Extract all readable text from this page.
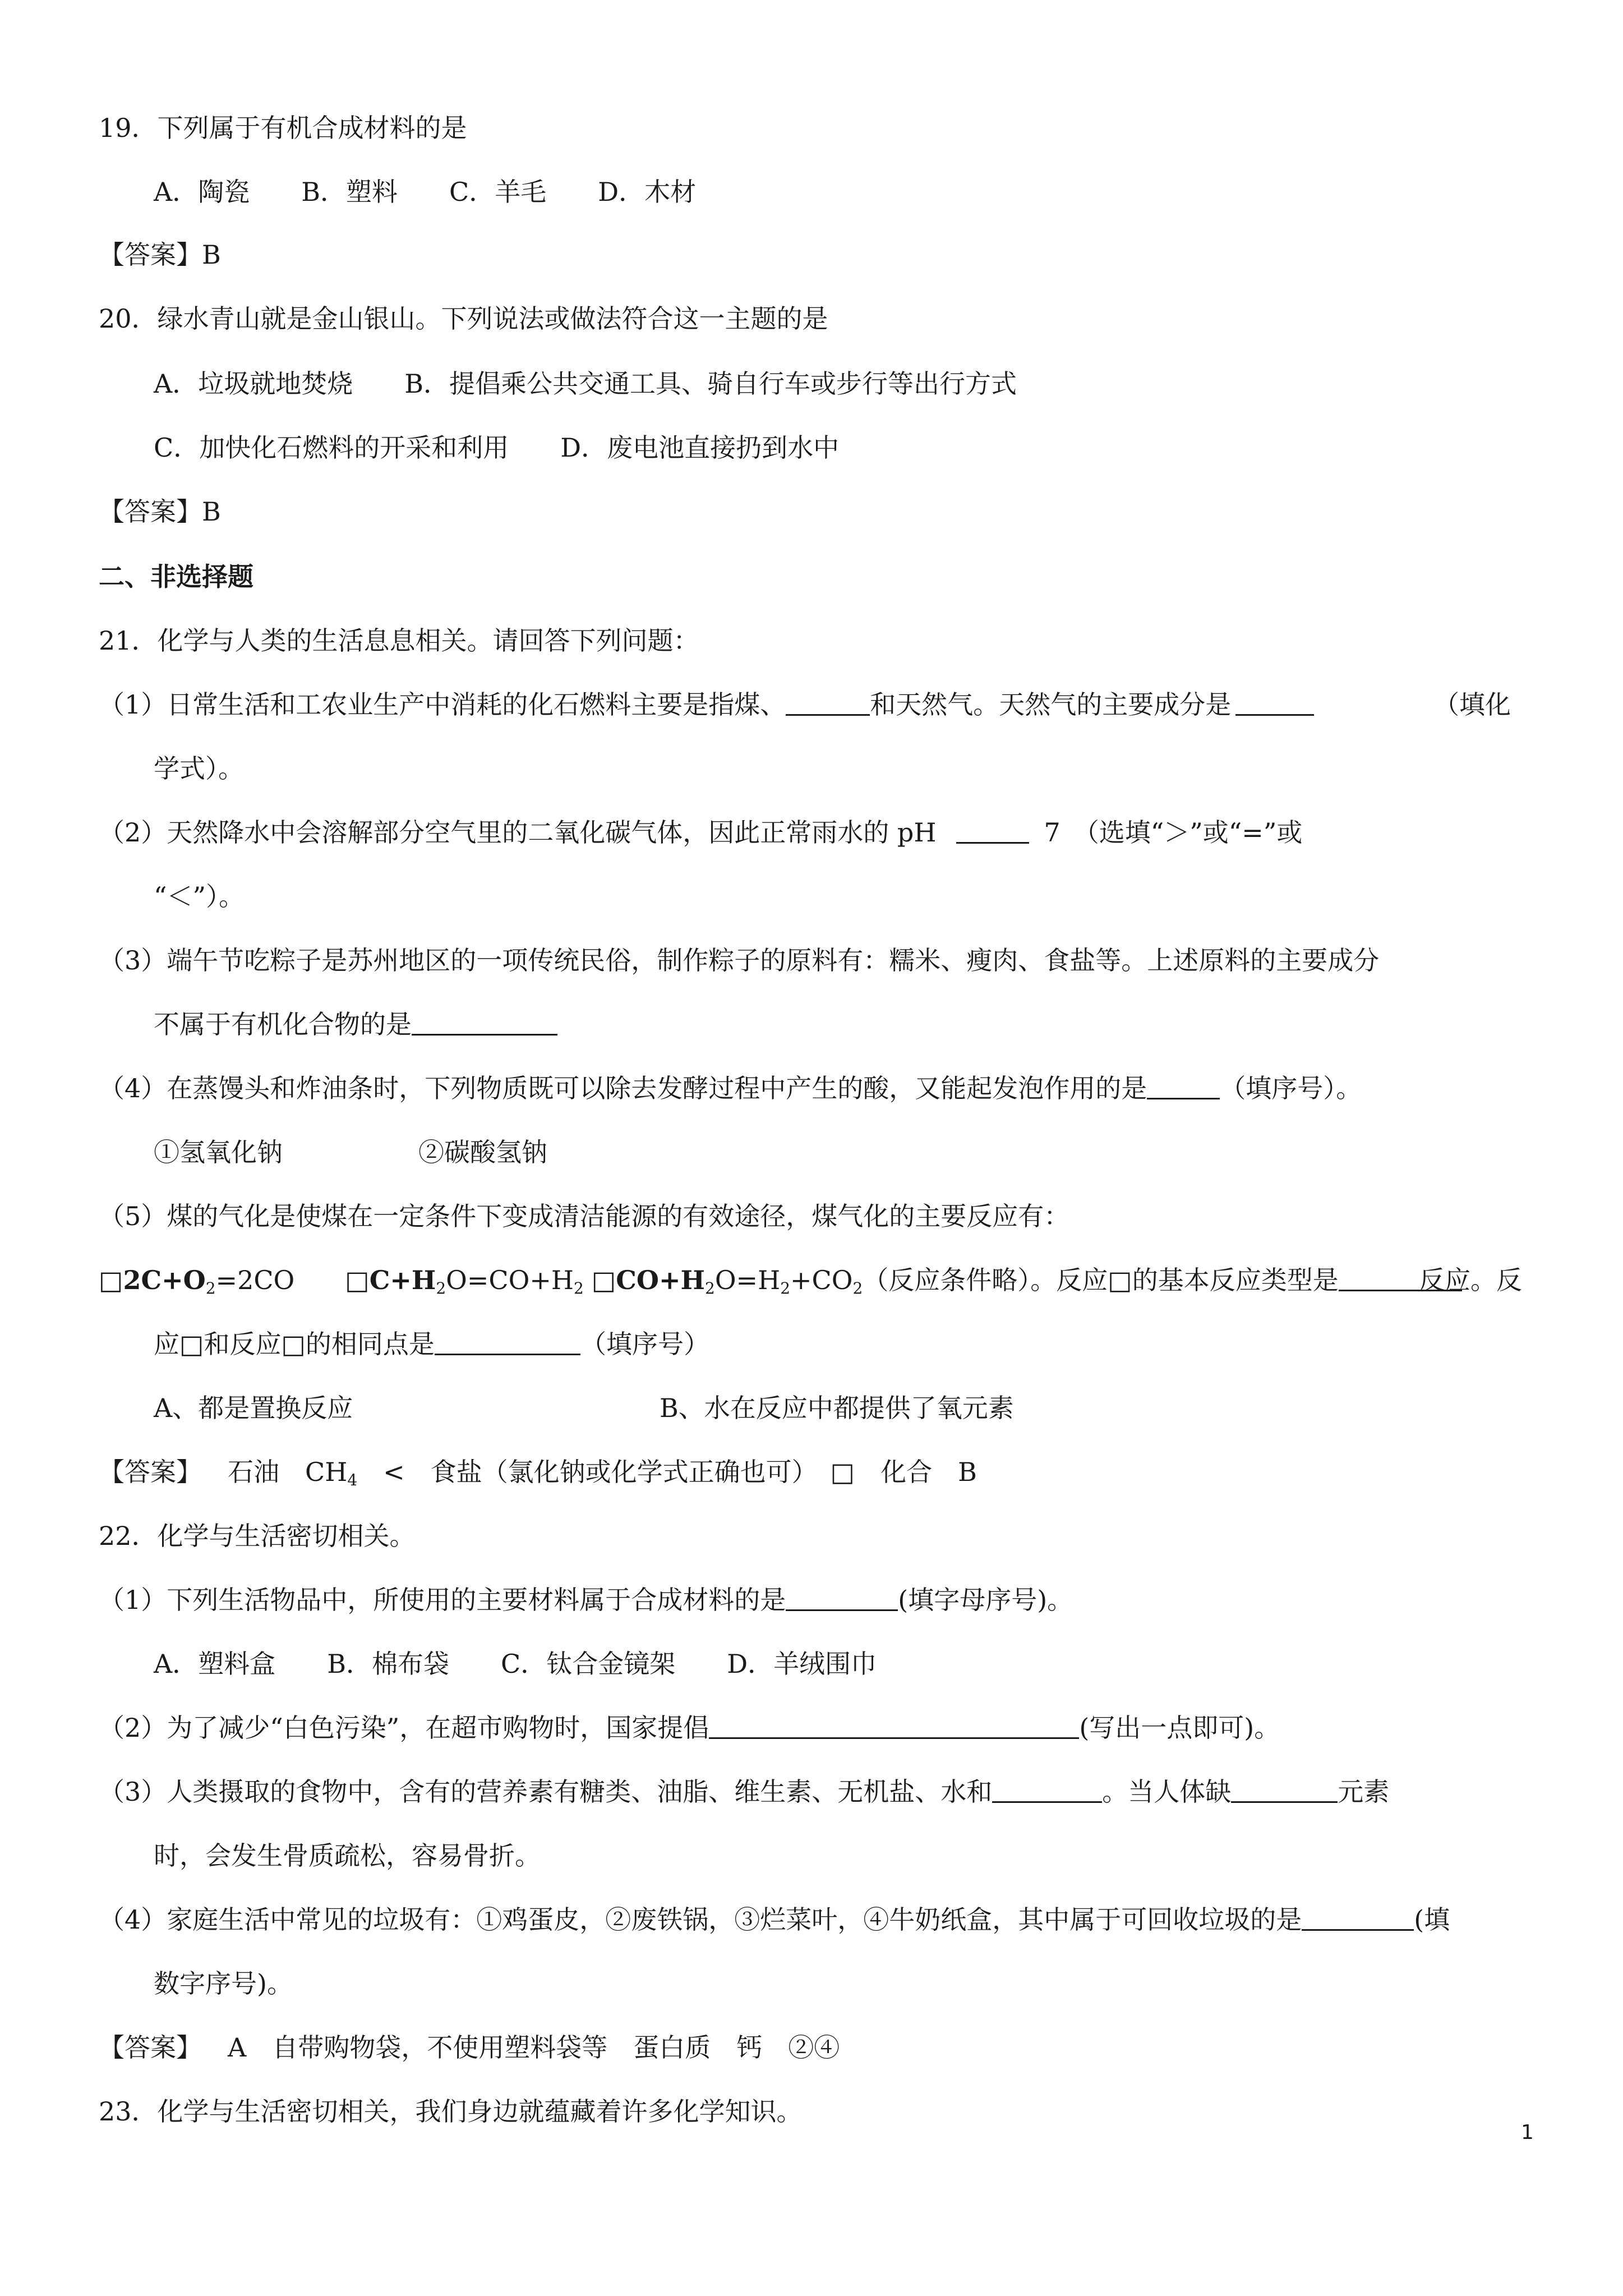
19．下列属于有机合成材料的是
A．陶瓷　　B．塑料　　C．羊毛　　D．木材
【答案】B
20．绿水青山就是金山银山。下列说法或做法符合这一主题的是
A．垃圾就地焚烧　　B．提倡乘公共交通工具、骑自行车或步行等出行方式
C．加快化石燃料的开采和利用　　D．废电池直接扔到水中
【答案】B
二、非选择题
21．化学与人类的生活息息相关。请回答下列问题：
（1）日常生活和工农业生产中消耗的化石燃料主要是指煤、	和天然气。天然气的主要成分是	（填化
学式）。
（2）天然降水中会溶解部分空气里的二氧化碳气体，因此正常雨水的 pH	7　（选填“＞”或“=”或
“＜”）。
（3）端午节吃粽子是苏州地区的一项传统民俗，制作粽子的原料有：糯米、瘦肉、食盐等。上述原料的主要成分
不属于有机化合物的是
（4）在蒸馒头和炸油条时，下列物质既可以除去发酵过程中产生的酸，又能起发泡作用的是	（填序号）。
①氢氧化钠	②碳酸氢钠
（5）煤的气化是使煤在一定条件下变成清洁能源的有效途径，煤气化的主要反应有：
$□2C+O_2=2CO$ $□C+H_2O=CO+H_2$ $□CO+H_2O=H_2+CO_2$（反应条件略）。反应□的基本反应类型是	反应。反
应□和反应□的相同点是	（填序号）
A、都是置换反应	B、水在反应中都提供了氧元素
【答案】 石油　$CH_4$　<　食盐（氯化钠或化学式正确也可）　□　化合　B
22．化学与生活密切相关。
（1）下列生活物品中，所使用的主要材料属于合成材料的是	(填字母序号)。
A．塑料盒　　B．棉布袋　　C．钛合金镜架　　D．羊绒围巾
（2）为了减少“白色污染”，在超市购物时，国家提倡	(写出一点即可)。
（3）人类摄取的食物中，含有的营养素有糖类、油脂、维生素、无机盐、水和	。当人体缺	元素
时，会发生骨质疏松，容易骨折。
（4）家庭生活中常见的垃圾有：①鸡蛋皮，②废铁锅，③烂菜叶，④牛奶纸盒，其中属于可回收垃圾的是	(填
数字序号)。
【答案】 A　自带购物袋，不使用塑料袋等　蛋白质　钙　②④
23．化学与生活密切相关，我们身边就蕴藏着许多化学知识。
1
